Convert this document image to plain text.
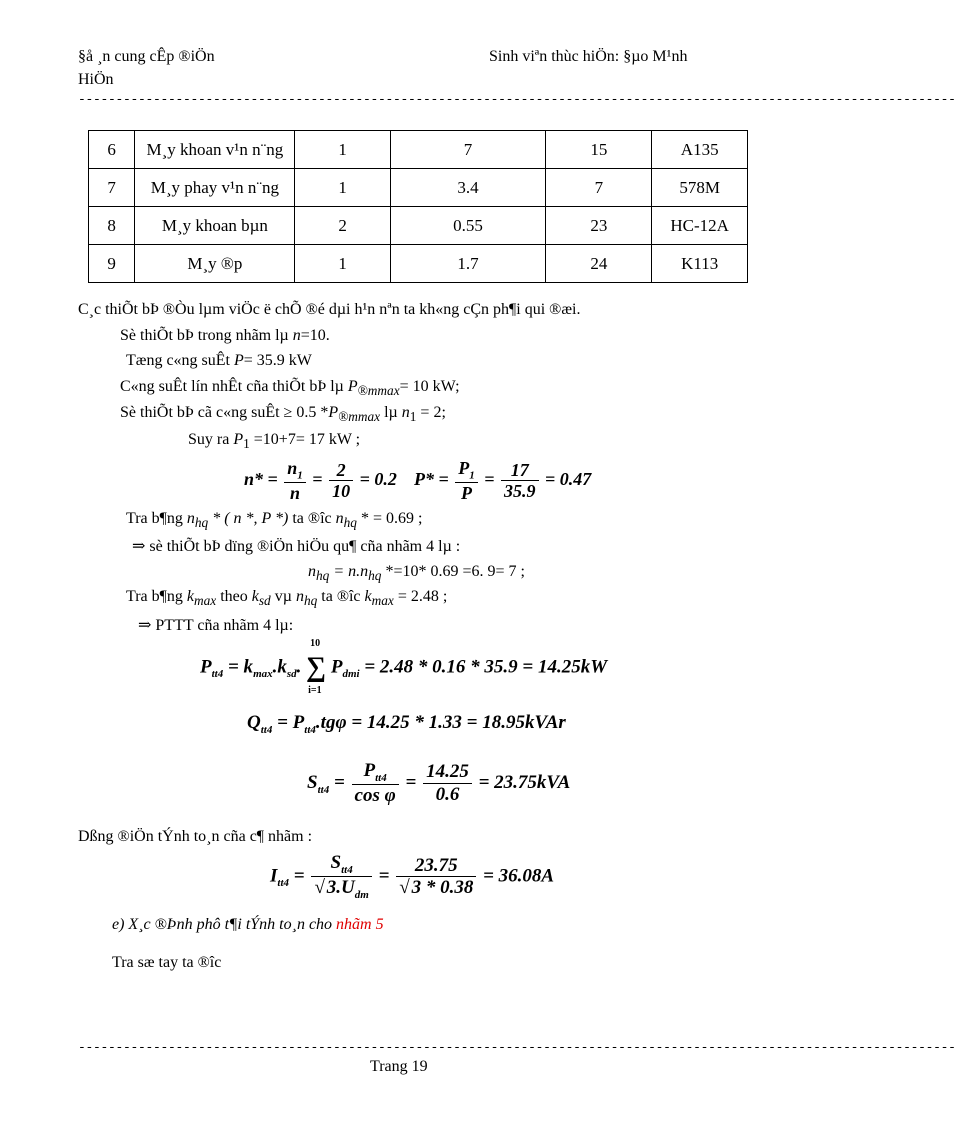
§å ¸n cung cÊp ®iÖn
HiÖn
Sinh viªn thùc hiÖn: §µo M¹nh
---------------------------------------------------------------------------------------------------------------------
6	M¸y khoan v¹n n¨ng	1	7	15	A135
7	M¸y phay v¹n n¨ng	1	3.4	7	578M
8	M¸y khoan bµn	2	0.55	23	HC-12A
9	M¸y ®p	1	1.7	24	K113
C¸c thiÕt bÞ ®Òu lµm viÖc ë chÕ ®é dµi h¹n nªn ta kh«ng cÇn ph¶i qui ®æi.
Sè thiÕt bÞ trong nhãm lµ n=10.
Tæng c«ng suÊt P= 35.9 kW
C«ng suÊt lín nhÊt cña thiÕt bÞ lµ $P_{®mmax}= 10$ kW;
Sè thiÕt bÞ cã c«ng suÊt ≥ 0.5 $*P_{®mmax}$ lµ $n_1 = 2$;
Suy ra $P_1 =10+7= 17$ kW ;
$n* = \frac{n_1}{n} = \frac{2}{10} = 0.2$ $P* = \frac{P_1}{P} = \frac{17}{35.9} = 0.47$
Tra b¶ng $n_{hq}$ * ( n *, P *) ta ®îc $n_{hq}$ * = 0.69 ;
⇒ sè thiÕt bÞ dïng ®iÖn hiÖu qu¶ cña nhãm 4 lµ :
$n_{hq} = n.n_{hq}$ *=10* 0.69 =6. 9= 7 ;
Tra b¶ng $k_{max}$ theo $k_{sd}$ vµ $n_{hq}$ ta ®îc $k_{max} = 2.48$ ;
⇒ PTTT cña nhãm 4 lµ:
$P_{tt4} = k_{max}.k_{sd}$.
10
∑
i=1
$P_{dmi} = 2.48 * 0.16 * 35.9 = 14.25kW$
$Q_{tt4} = P_{tt4}.tg\varphi = 14.25 * 1.33$ = 18.95kVAr
$S_{tt4} = \frac{P_{tt4}}{\text{cos φ}} = \frac{14.25}{0.6} = 23.75kVA$
Dßng ®iÖn tÝnh to¸n cña c¶ nhãm :
$I_{tt4} = \frac{S_{tt4}}{√ 3.U_{dm}} = \frac{23.75}{√ 3 * 0.38} = 36.08A$
e) X¸c ®Þnh phô t¶i tÝnh to¸n cho nhãm 5
Tra sæ tay ta ®îc
---------------------------------------------------------------------------------------------------------------------
Trang 19
